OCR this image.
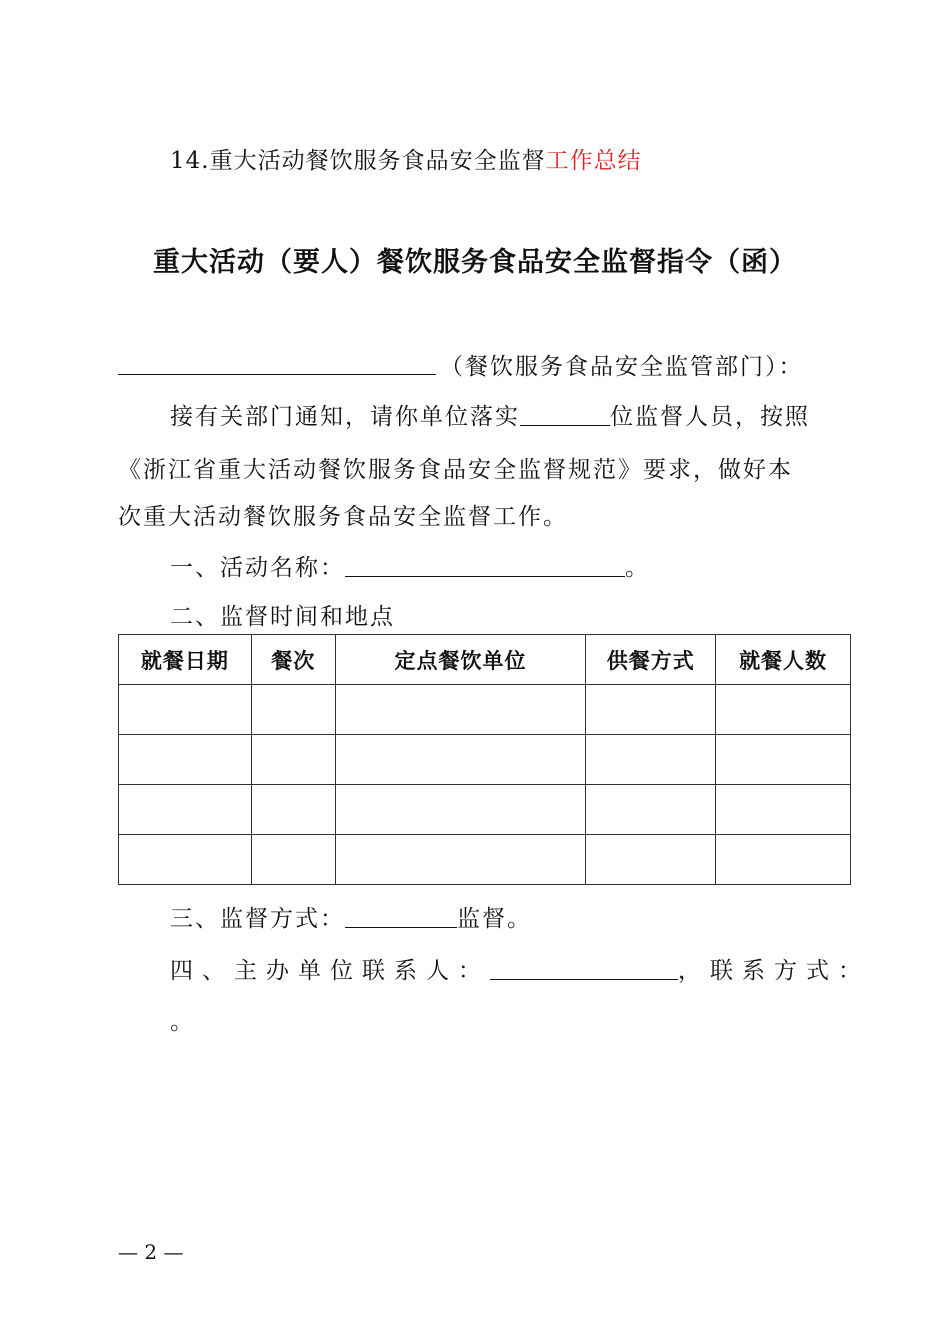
14.重大活动餐饮服务食品安全监督工作总结
重大活动（要人）餐饮服务食品安全监督指令（函）
（餐饮服务食品安全监管部门）：
接有关部门通知，请你单位落实	位监督人员，按照
《浙江省重大活动餐饮服务食品安全监督规范》要求，做好本
次重大活动餐饮服务食品安全监督工作。
一、活动名称：	。
二、监督时间和地点
就餐日期	餐次	定点餐饮单位	供餐方式	就餐人数

三、监督方式：	监督。
四、主办单位联系人：	，联系方式：
。
— 2 —
